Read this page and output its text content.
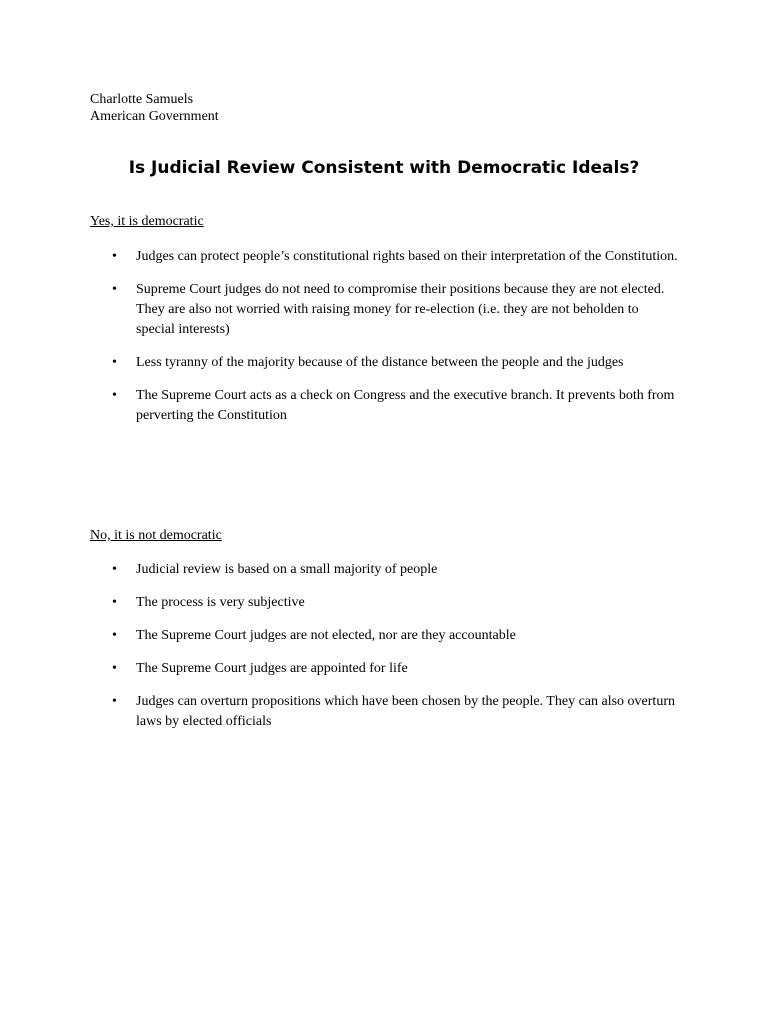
Charlotte Samuels
American Government
Is Judicial Review Consistent with Democratic Ideals?
Yes, it is democratic
• Judges can protect people’s constitutional rights based on their interpretation of the Constitution.
• Supreme Court judges do not need to compromise their positions because they are not elected. They are also not worried with raising money for re-election (i.e. they are not beholden to special interests)
• Less tyranny of the majority because of the distance between the people and the judges
• The Supreme Court acts as a check on Congress and the executive branch. It prevents both from perverting the Constitution
No, it is not democratic
• Judicial review is based on a small majority of people
• The process is very subjective
• The Supreme Court judges are not elected, nor are they accountable
• The Supreme Court judges are appointed for life
• Judges can overturn propositions which have been chosen by the people. They can also overturn laws by elected officials
